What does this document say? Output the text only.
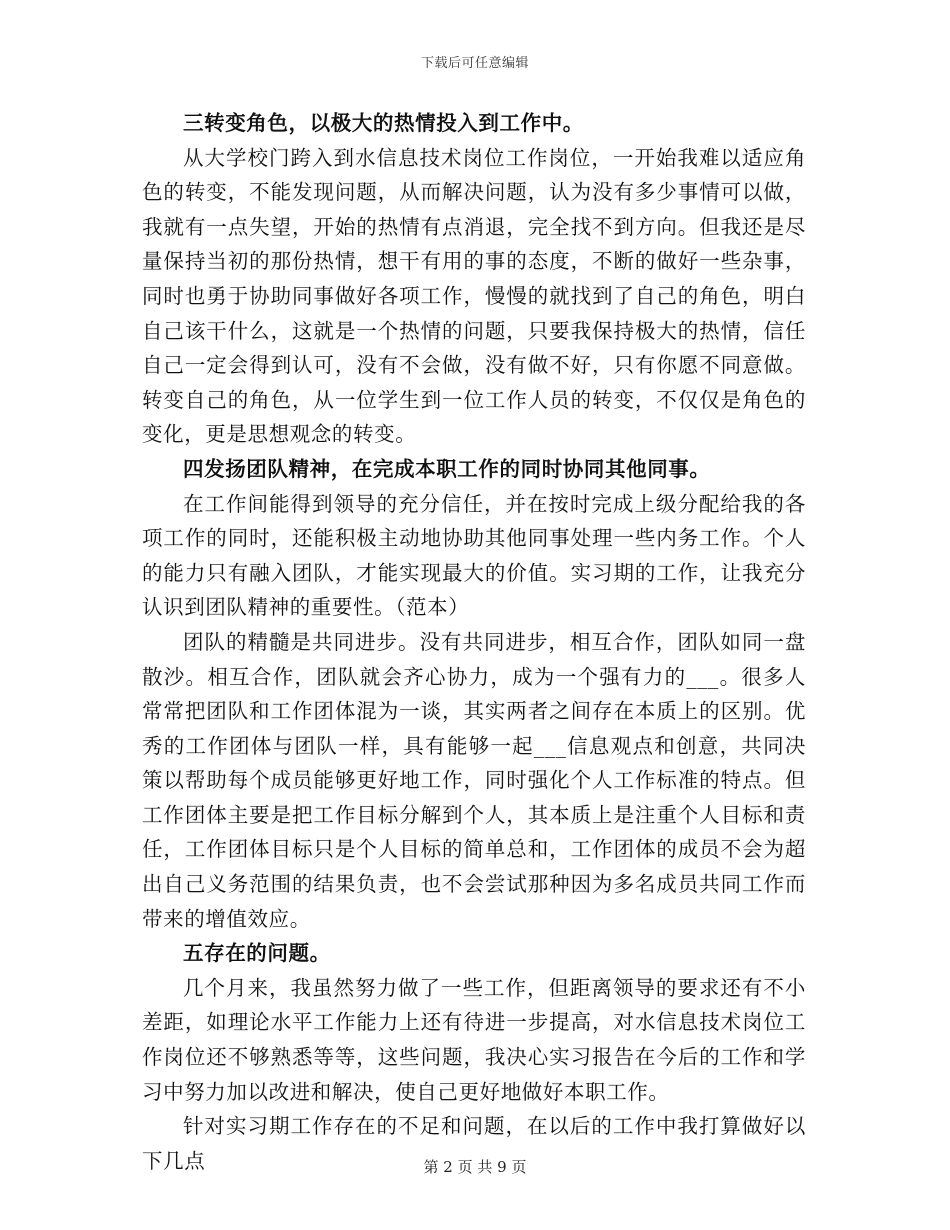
下载后可任意编辑

三转变角色，以极大的热情投入到工作中。

从大学校门跨入到水信息技术岗位工作岗位，一开始我难以适应角色的转变，不能发现问题，从而解决问题，认为没有多少事情可以做，我就有一点失望，开始的热情有点消退，完全找不到方向。但我还是尽量保持当初的那份热情，想干有用的事的态度，不断的做好一些杂事，同时也勇于协助同事做好各项工作，慢慢的就找到了自己的角色，明白自己该干什么，这就是一个热情的问题，只要我保持极大的热情，信任自己一定会得到认可，没有不会做，没有做不好，只有你愿不同意做。转变自己的角色，从一位学生到一位工作人员的转变，不仅仅是角色的变化，更是思想观念的转变。

四发扬团队精神，在完成本职工作的同时协同其他同事。

在工作间能得到领导的充分信任，并在按时完成上级分配给我的各项工作的同时，还能积极主动地协助其他同事处理一些内务工作。个人的能力只有融入团队，才能实现最大的价值。实习期的工作，让我充分认识到团队精神的重要性。（范本）

团队的精髓是共同进步。没有共同进步，相互合作，团队如同一盘散沙。相互合作，团队就会齐心协力，成为一个强有力的___。很多人常常把团队和工作团体混为一谈，其实两者之间存在本质上的区别。优秀的工作团体与团队一样，具有能够一起___信息观点和创意，共同决策以帮助每个成员能够更好地工作，同时强化个人工作标准的特点。但工作团体主要是把工作目标分解到个人，其本质上是注重个人目标和责任，工作团体目标只是个人目标的简单总和，工作团体的成员不会为超出自己义务范围的结果负责，也不会尝试那种因为多名成员共同工作而带来的增值效应。

五存在的问题。

几个月来，我虽然努力做了一些工作，但距离领导的要求还有不小差距，如理论水平工作能力上还有待进一步提高，对水信息技术岗位工作岗位还不够熟悉等等，这些问题，我决心实习报告在今后的工作和学习中努力加以改进和解决，使自己更好地做好本职工作。

针对实习期工作存在的不足和问题，在以后的工作中我打算做好以下几点	第 2 页 共 9 页
